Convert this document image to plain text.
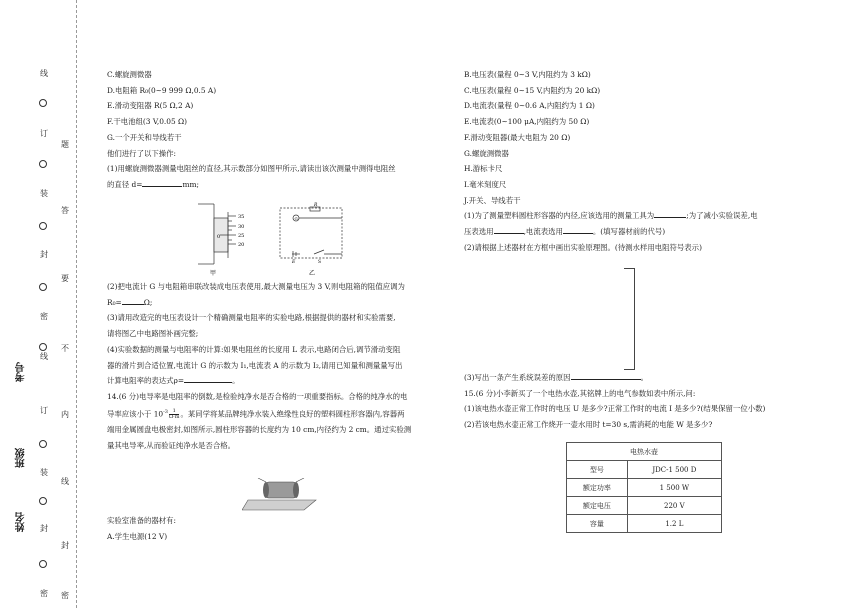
线
订
题
装
答
封
要
密
不
线
订 内
装
线
封
封
密 密
考号
班级
姓名

C.螺旋测微器

D.电阻箱 R₀(0~9 999 Ω,0.5 A)

E.滑动变阻器 R(5 Ω,2 A)

F.干电池组(3 V,0.05 Ω)

G.一个开关和导线若干

他们进行了以下操作:

(1)用螺旋测微器测量电阻丝的直径,其示数部分如图甲所示,请读出该次测量中测得电阻丝

的直径 d=	mm;

35
30
25
20
0
甲
R
G
E	S
乙

(2)把电流计 G 与电阻箱串联改装成电压表使用,最大测量电压为 3 V,则电阻箱的阻值应调为

R₀=	Ω;

(3)请用改造完的电压表设计一个精确测量电阻率的实验电路,根据提供的器材和实验需要,

请将图乙中电路图补画完整;

(4)实验数据的测量与电阻率的计算:如果电阻丝的长度用 L 表示,电路闭合后,调节滑动变阻

器的滑片到合适位置,电流计 G 的示数为 I₁,电流表 A 的示数为 I₂,请用已知量和测量量写出

计算电阻率的表达式ρ=	。

14.(6 分)电导率是电阻率的倒数,是检验纯净水是否合格的一项重要指标。合格的纯净水的电

导率应该小于 $10^{-3} \frac{1}{\Omega\cdot m}$ 。某同学将某品牌纯净水装入绝缘性良好的塑料圆柱形容器内,容器两

端用金属圆盘电极密封,如图所示,圆柱形容器的长度约为 10 cm,内径约为 2 cm。通过实验测

量其电导率,从而验证纯净水是否合格。

实验室准备的器材有:

A.学生电源(12 V)

B.电压表(量程 0~3 V,内阻约为 3 kΩ)

C.电压表(量程 0~15 V,内阻约为 20 kΩ)

D.电流表(量程 0~0.6 A,内阻约为 1 Ω)

E.电流表(0~100 μA,内阻约为 50 Ω)

F.滑动变阻器(最大电阻为 20 Ω)

G.螺旋测微器

H.游标卡尺

I.毫米刻度尺

J.开关、导线若干

(1)为了测量塑料圆柱形容器的内径,应该选用的测量工具为	;为了减小实验误差,电

压表选用	,电流表选用	。(填写器材前的代号)

(2)请根据上述器材在方框中画出实验原理图。(待测水样用电阻符号表示)

(3)写出一条产生系统误差的原因	。

15.(6 分)小李新买了一个电热水壶,其铭牌上的电气参数如表中所示,问:

(1)该电热水壶正常工作时的电压 U 是多少?正常工作时的电流 I 是多少?(结果保留一位小数)

(2)若该电热水壶正常工作烧开一壶水用时 t=30 s,需消耗的电能 W 是多少?

电热水壶	
型号	JDC-1 500 D
额定功率	1 500 W
额定电压	220 V
容量	1.2 L
